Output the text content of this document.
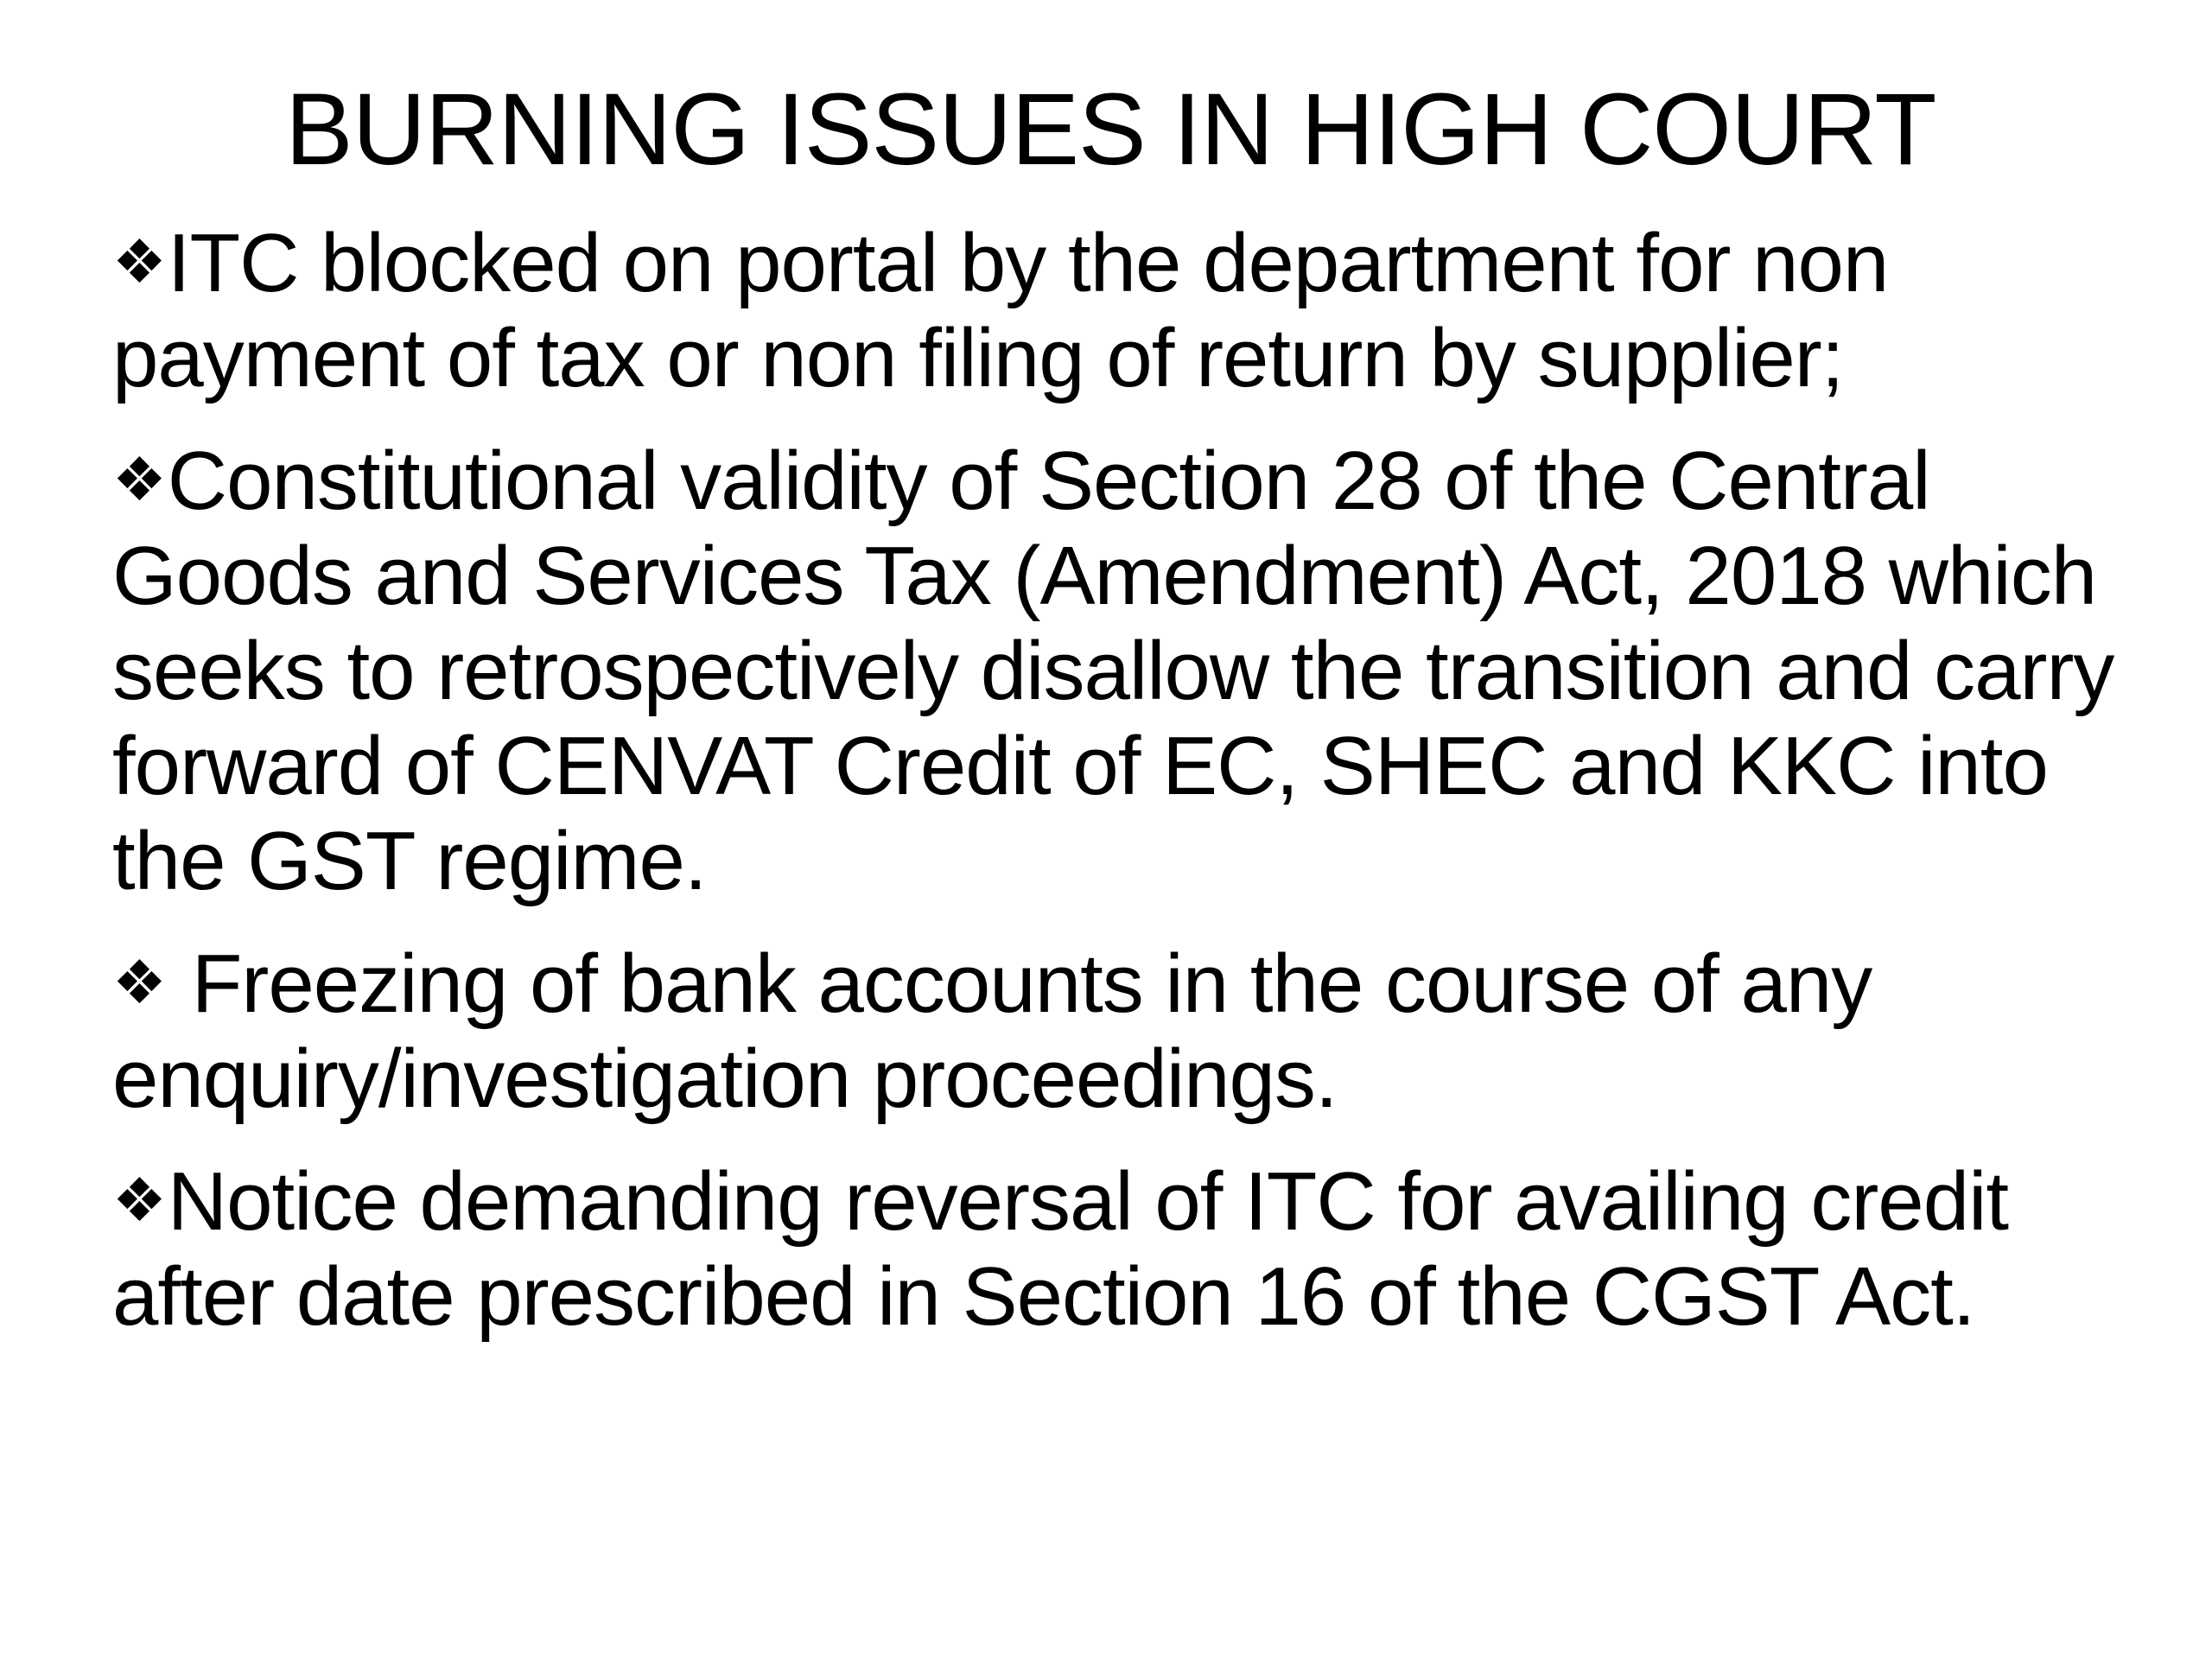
BURNING ISSUES IN HIGH COURT
❖ITC blocked on portal by the department for non payment of tax or non filing of return by supplier;
❖Constitutional validity of Section 28 of the Central Goods and Services Tax (Amendment) Act, 2018 which seeks to retrospectively disallow the transition and carry forward of CENVAT Credit of EC, SHEC and KKC into the GST regime.
❖ Freezing of bank accounts in the course of any enquiry/investigation proceedings.
❖Notice demanding reversal of ITC for availing credit after date prescribed in Section 16 of the CGST Act.
